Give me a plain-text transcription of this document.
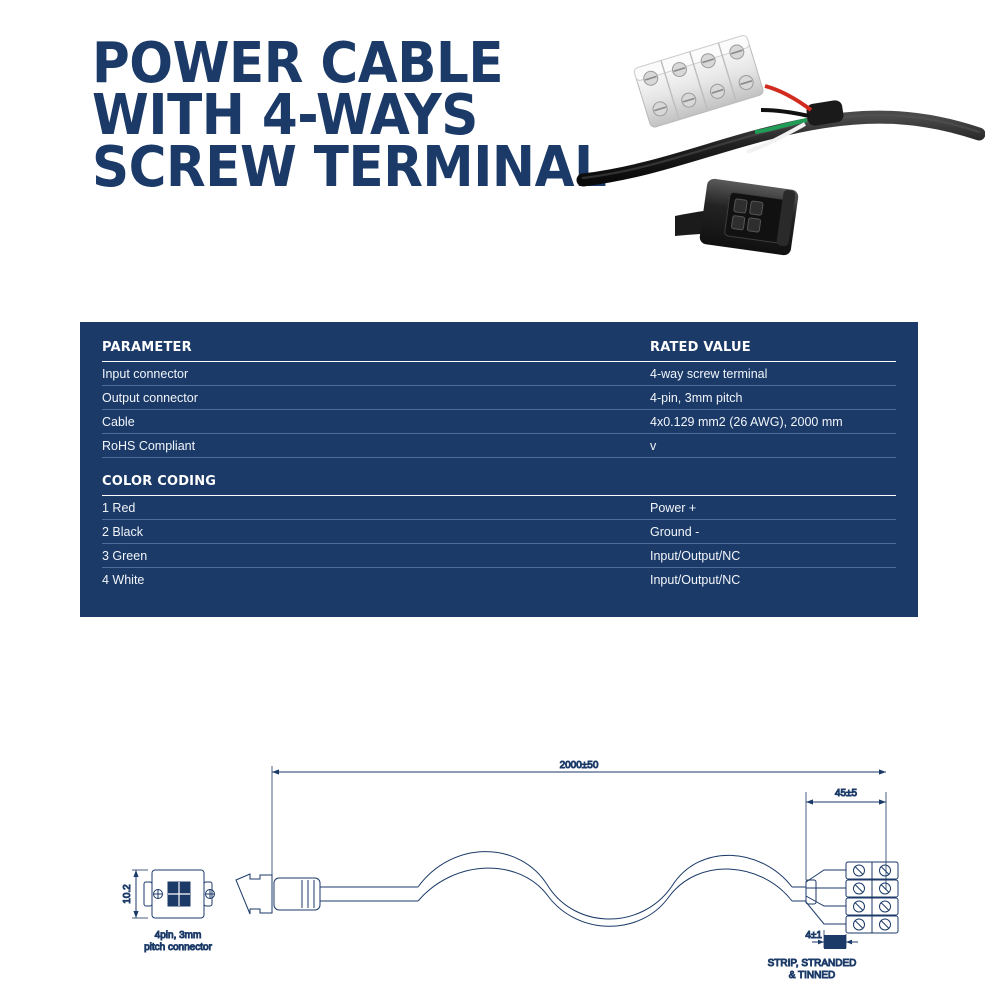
POWER CABLE
WITH 4-WAYS
SCREW TERMINAL
PARAMETER	RATED VALUE
Input connector	4-way screw terminal
Output connector	4-pin, 3mm pitch
Cable	4x0.129 mm2 (26 AWG), 2000 mm
RoHS Compliant	v
COLOR CODING
1 Red	Power +
2 Black	Ground -
3 Green	Input/Output/NC
4 White	Input/Output/NC
2000±50
45±5
10.2
4pin, 3mm
pitch connector
4±1
STRIP, STRANDED
& TINNED
